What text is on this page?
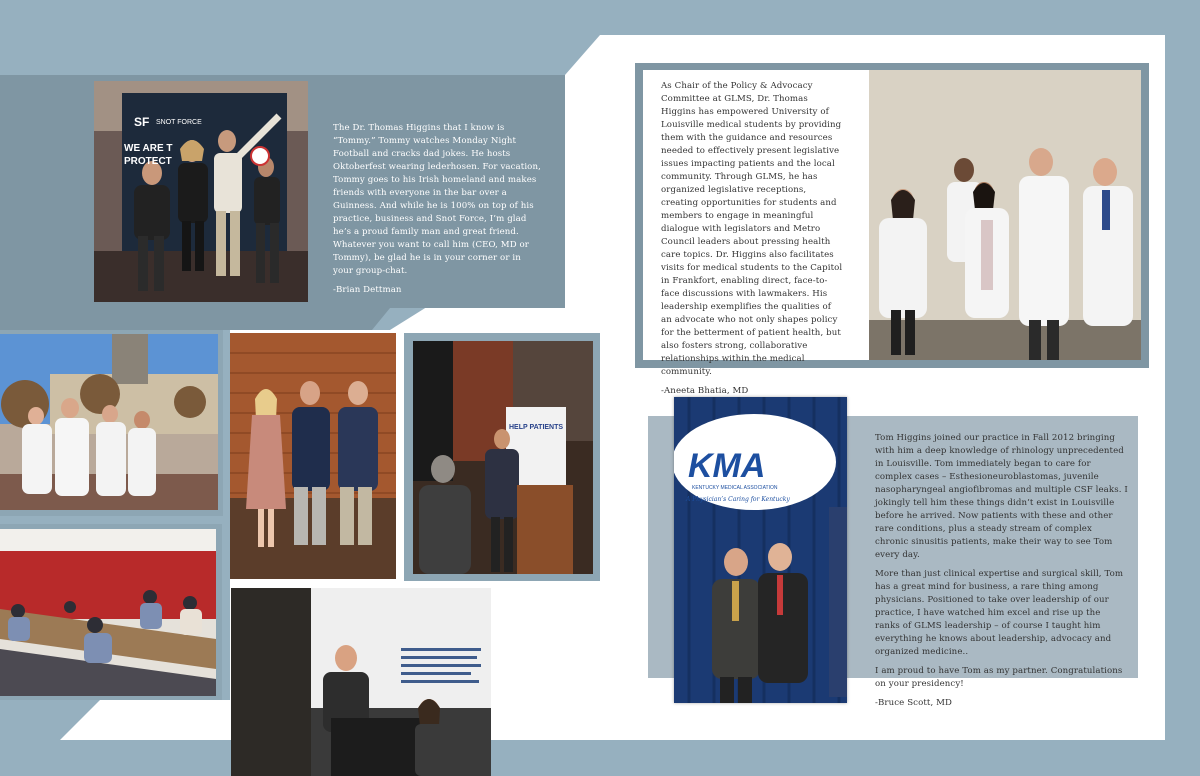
SF SNOT FORCE
WE ARE T
PROTECT

The Dr. Thomas Higgins that I know is “Tommy.” Tommy watches Monday Night Football and cracks dad jokes. He hosts Oktoberfest wearing lederhosen. For vacation, Tommy goes to his Irish homeland and makes friends with everyone in the bar over a Guinness. And while he is 100% on top of his practice, business and Snot Force, I’m glad he’s a proud family man and great friend. Whatever you want to call him (CEO, MD or Tommy), be glad he is in your corner or in your group-chat.

-Brian Dettman

As Chair of the Policy & Advocacy Committee at GLMS, Dr. Thomas Higgins has empowered University of Louisville medical students by providing them with the guidance and resources needed to effectively present legislative issues impacting patients and the local community. Through GLMS, he has organized legislative receptions, creating opportunities for students and members to engage in meaningful dialogue with legislators and Metro Council leaders about pressing health care topics. Dr. Higgins also facilitates visits for medical students to the Capitol in Frankfort, enabling direct, face-to-face discussions with lawmakers. His leadership exemplifies the qualities of an advocate who not only shapes policy for the betterment of patient health, but also fosters strong, collaborative relationships within the medical community.

-Aneeta Bhatia, MD
KMA
KENTUCKY MEDICAL ASSOCIATION
A Physician’s Caring for Kentucky

Tom Higgins joined our practice in Fall 2012 bringing with him a deep knowledge of rhinology unprecedented in Louisville. Tom immediately began to care for complex cases – Esthesioneuroblastomas, juvenile nasopharyngeal angiofibromas and multiple CSF leaks. I jokingly tell him these things didn’t exist in Louisville before he arrived. Now patients with these and other rare conditions, plus a steady stream of complex chronic sinusitis patients, make their way to see Tom every day.

More than just clinical expertise and surgical skill, Tom has a great mind for business, a rare thing among physicians. Positioned to take over leadership of our practice, I have watched him excel and rise up the ranks of GLMS leadership – of course I taught him everything he knows about leadership, advocacy and organized medicine..

I am proud to have Tom as my partner. Congratulations on your presidency!

-Bruce Scott, MD
HELP PATIENTS
